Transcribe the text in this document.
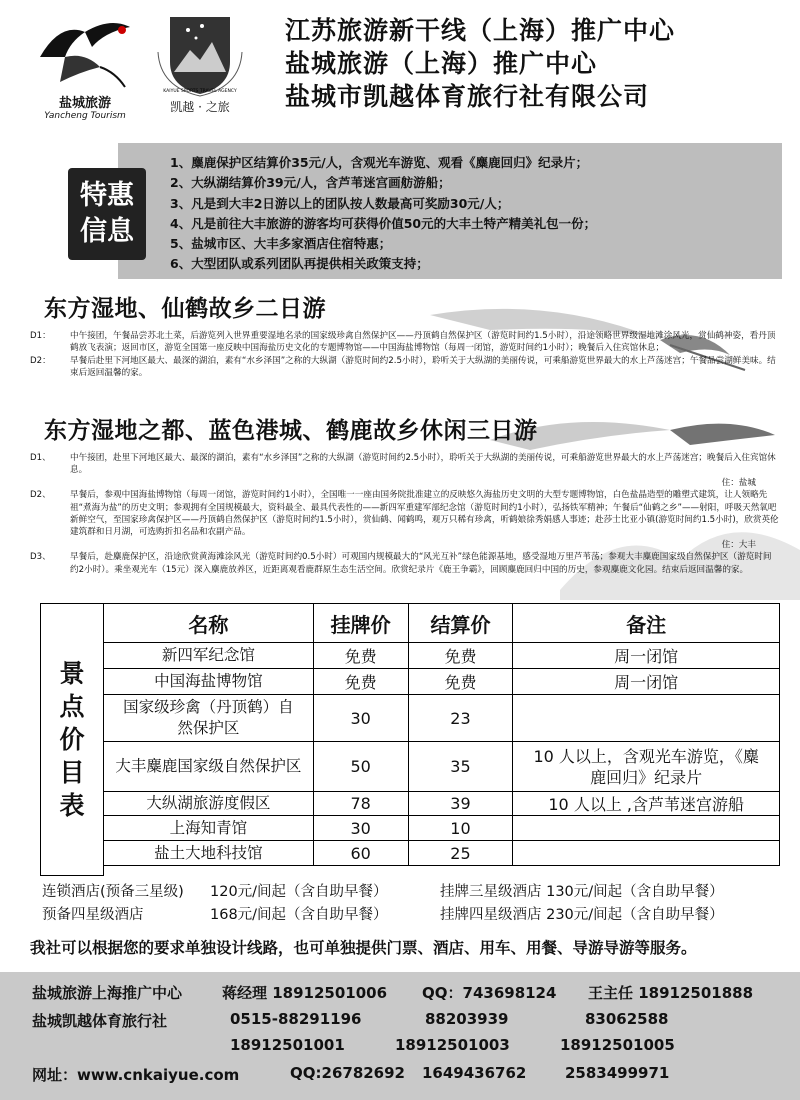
盐城旅游
Yancheng Tourism
KAIYUE SPORTS TRAVEL AGENCY
凯越 · 之旅
江苏旅游新干线（上海）推广中心
盐城旅游（上海）推广中心
盐城市凯越体育旅行社有限公司
1、麋鹿保护区结算价35元/人，含观光车游览、观看《麋鹿回归》纪录片；
2、大纵湖结算价39元/人，含芦苇迷宫画舫游船；
3、凡是到大丰2日游以上的团队按人数最高可奖励30元/人；
4、凡是前往大丰旅游的游客均可获得价值50元的大丰土特产精美礼包一份；
5、盐城市区、大丰多家酒店住宿特惠；
6、大型团队或系列团队再提供相关政策支持；
特惠
信息
东方湿地、仙鹤故乡二日游
D1：	中午接团，午餐品尝苏北土菜，后游览列入世界重要湿地名录的国家级珍禽自然保护区——丹顶鹤自然保护区（游览时间约1.5小时），沿途领略世界级湿地滩涂风光，赏仙鹤神姿，看丹顶鹤放飞表演；返回市区，游览全国第一座反映中国海盐历史文化的专题博物馆——中国海盐博物馆（每周一闭馆，游览时间约1小时）；晚餐后入住宾馆休息；
D2：	早餐后赴里下河地区最大、最深的湖泊，素有“水乡泽国”之称的大纵湖（游览时间约2.5小时），聆听关于大纵湖的美丽传说，可乘船游览世界最大的水上芦荡迷宫；午餐品尝湖鲜美味。结束后返回温馨的家。
东方湿地之都、蓝色港城、鹤鹿故乡休闲三日游
D1、	中午接团，赴里下河地区最大、最深的湖泊，素有“水乡泽国”之称的大纵湖（游览时间约2.5小时），聆听关于大纵湖的美丽传说，可乘船游览世界最大的水上芦荡迷宫；晚餐后入住宾馆休息。
住：盐城
D2、	早餐后，参观中国海盐博物馆（每周一闭馆，游览时间约1小时），全国唯一一座由国务院批准建立的反映悠久海盐历史文明的大型专题博物馆，白色盐晶造型的雕塑式建筑，让人领略先祖“煮海为盐”的历史文明；参观拥有全国规模最大，资料最全、最具代表性的——新四军重建军部纪念馆（游览时间约1小时），弘扬铁军精神；午餐后“仙鹤之乡”——射阳，呼吸天然氧吧新鲜空气，至国家珍禽保护区——丹顶鹤自然保护区（游览时间约1.5小时），赏仙鹤、闻鹤鸣，观万只稀有珍禽，听鹤娘徐秀娟感人事迹；赴莎士比亚小镇(游览时间约1.5小时)，欣赏英伦建筑群和日月湖，可选购折扣名品和农副产品。
住：大丰
D3、	早餐后，赴麋鹿保护区，沿途欣赏黄海滩涂风光（游览时间约0.5小时）可观国内规模最大的“风光互补”绿色能源基地，感受湿地万里芦苇荡；参观大丰麋鹿国家级自然保护区（游览时间约2小时）。乘坐观光车（15元）深入麋鹿放养区，近距离观看鹿群原生态生活空间。欣赏纪录片《鹿王争霸》，回顾麋鹿回归中国的历史，参观麋鹿文化园。结束后返回温馨的家。
景
点
价
目
表
名称	挂牌价	结算价	备注
新四军纪念馆	免费	免费	周一闭馆
中国海盐博物馆	免费	免费	周一闭馆
国家级珍禽（丹顶鹤）自然保护区	30	23	
大丰麋鹿国家级自然保护区	50	35	10 人以上，含观光车游览，《麋鹿回归》纪录片
大纵湖旅游度假区	78	39	10 人以上 ,含芦苇迷宫游船
上海知青馆	30	10	
盐土大地科技馆	60	25	
连锁酒店(预备三星级) 120元/间起（含自助早餐）	挂牌三星级酒店 130元/间起（含自助早餐）
预备四星级酒店	168元/间起（含自助早餐）	挂牌四星级酒店 230元/间起（含自助早餐）
我社可以根据您的要求单独设计线路，也可单独提供门票、酒店、用车、用餐、导游导游等服务。
盐城旅游上海推广中心	蒋经理 18912501006 QQ：743698124 王主任 18912501888
盐城凯越体育旅行社	0515-88291196	88203939	83062588
18912501001	18912501003	18912501005
网址：www.cnkaiyue.com	QQ:26782692 1649436762	2583499971
